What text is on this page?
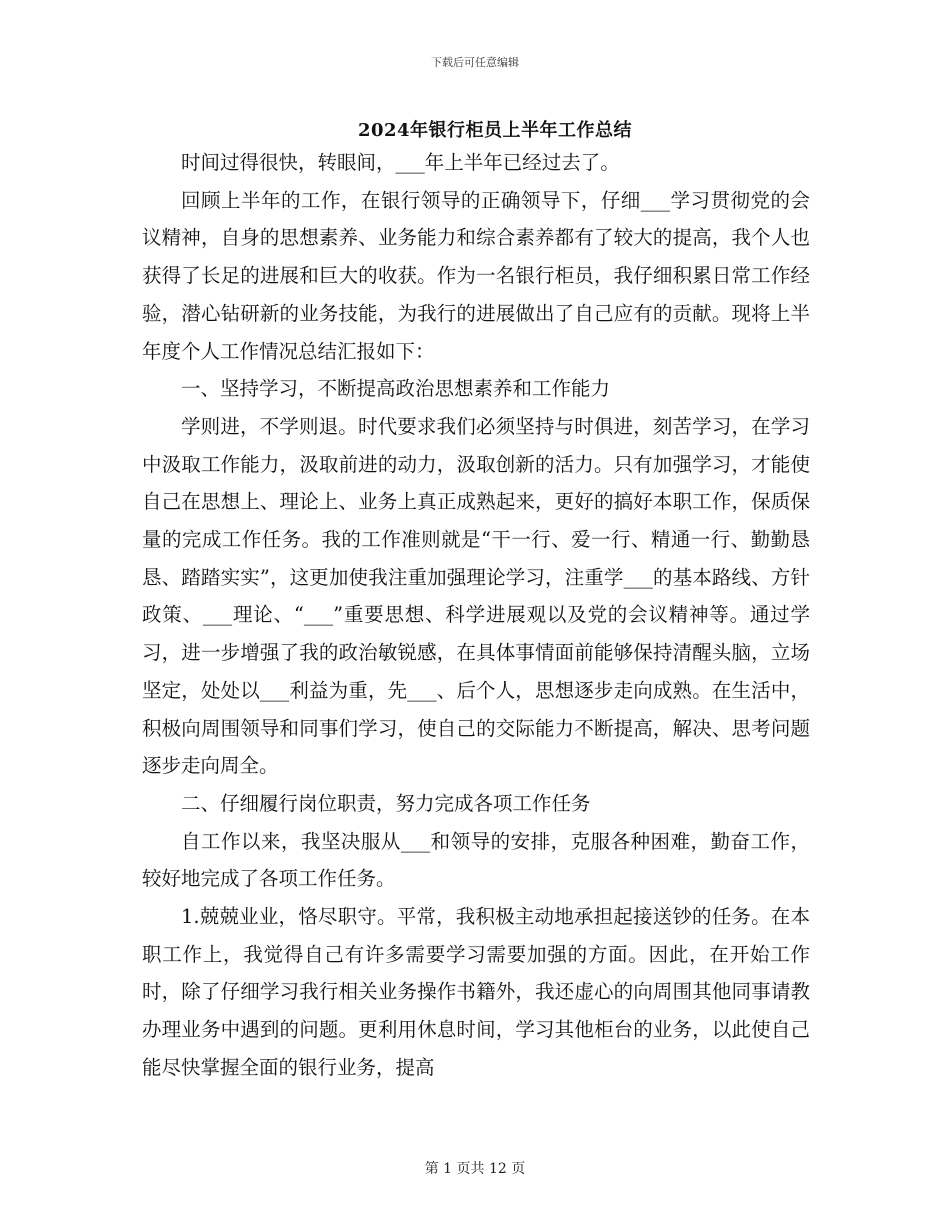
下载后可任意编辑
2024年银行柜员上半年工作总结

时间过得很快，转眼间，___年上半年已经过去了。

回顾上半年的工作，在银行领导的正确领导下，仔细___学习贯彻党的会议精神，自身的思想素养、业务能力和综合素养都有了较大的提高，我个人也获得了长足的进展和巨大的收获。作为一名银行柜员，我仔细积累日常工作经验，潜心钻研新的业务技能，为我行的进展做出了自己应有的贡献。现将上半年度个人工作情况总结汇报如下：

一、坚持学习，不断提高政治思想素养和工作能力

学则进，不学则退。时代要求我们必须坚持与时俱进，刻苦学习，在学习中汲取工作能力，汲取前进的动力，汲取创新的活力。只有加强学习，才能使自己在思想上、理论上、业务上真正成熟起来，更好的搞好本职工作，保质保量的完成工作任务。我的工作准则就是“干一行、爱一行、精通一行、勤勤恳恳、踏踏实实”，这更加使我注重加强理论学习，注重学___的基本路线、方针政策、___理论、“___”重要思想、科学进展观以及党的会议精神等。通过学习，进一步增强了我的政治敏锐感，在具体事情面前能够保持清醒头脑，立场坚定，处处以___利益为重，先___、后个人，思想逐步走向成熟。在生活中，积极向周围领导和同事们学习，使自己的交际能力不断提高，解决、思考问题逐步走向周全。

二、仔细履行岗位职责，努力完成各项工作任务

自工作以来，我坚决服从___和领导的安排，克服各种困难，勤奋工作，较好地完成了各项工作任务。

1.兢兢业业，恪尽职守。平常，我积极主动地承担起接送钞的任务。在本职工作上，我觉得自己有许多需要学习需要加强的方面。因此，在开始工作时，除了仔细学习我行相关业务操作书籍外，我还虚心的向周围其他同事请教办理业务中遇到的问题。更利用休息时间，学习其他柜台的业务，以此使自己能尽快掌握全面的银行业务，提高

第 1 页共 12 页
